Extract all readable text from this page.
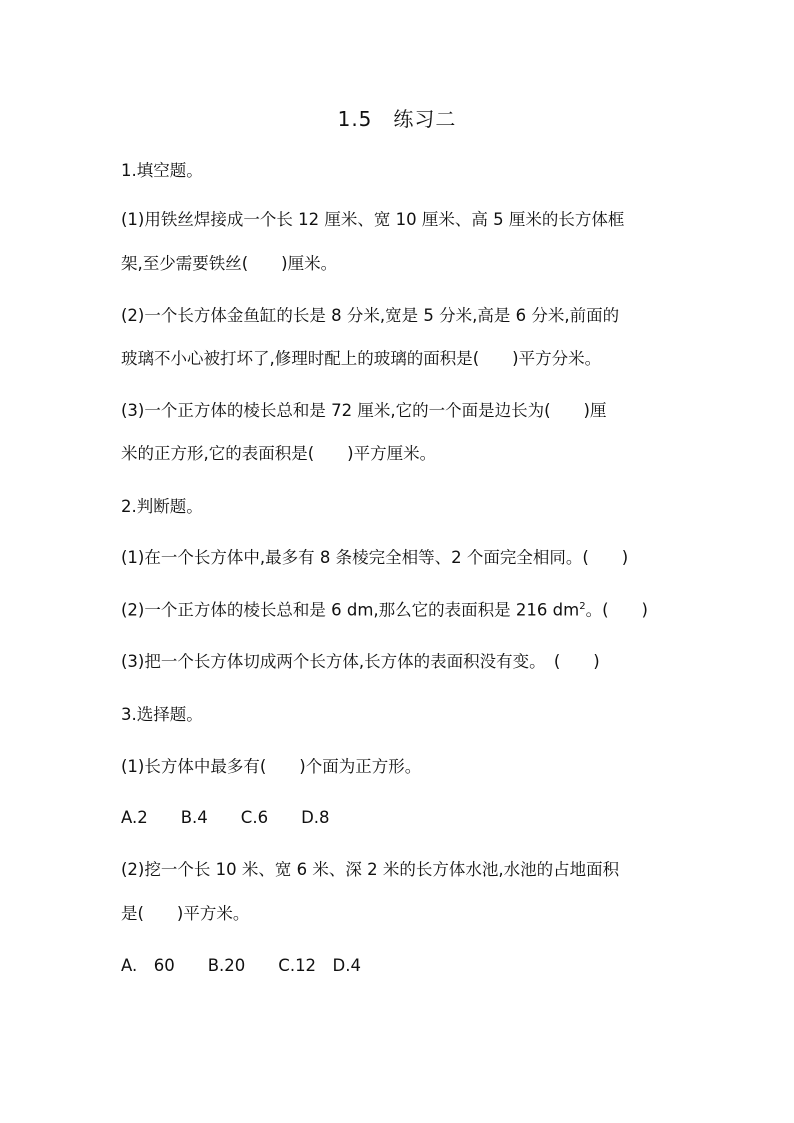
1.5　练习二
1.填空题。
(1)用铁丝焊接成一个长 12 厘米、宽 10 厘米、高 5 厘米的长方体框
架,至少需要铁丝(　　)厘米。
(2)一个长方体金鱼缸的长是 8 分米,宽是 5 分米,高是 6 分米,前面的
玻璃不小心被打坏了,修理时配上的玻璃的面积是(　　)平方分米。
(3)一个正方体的棱长总和是 72 厘米,它的一个面是边长为(　　)厘
米的正方形,它的表面积是(　　)平方厘米。
2.判断题。
(1)在一个长方体中,最多有 8 条棱完全相等、2 个面完全相同。(　　)
(2)一个正方体的棱长总和是 6 dm,那么它的表面积是 216 $dm^2$。(　　)
(3)把一个长方体切成两个长方体,长方体的表面积没有变。　(　　)
3.选择题。
(1)长方体中最多有(　　)个面为正方形。
A.2　　B.4　　C.6　　D.8
(2)挖一个长 10 米、宽 6 米、深 2 米的长方体水池,水池的占地面积
是(　　)平方米。
A.　60　　B.20　　C.12　D.4
